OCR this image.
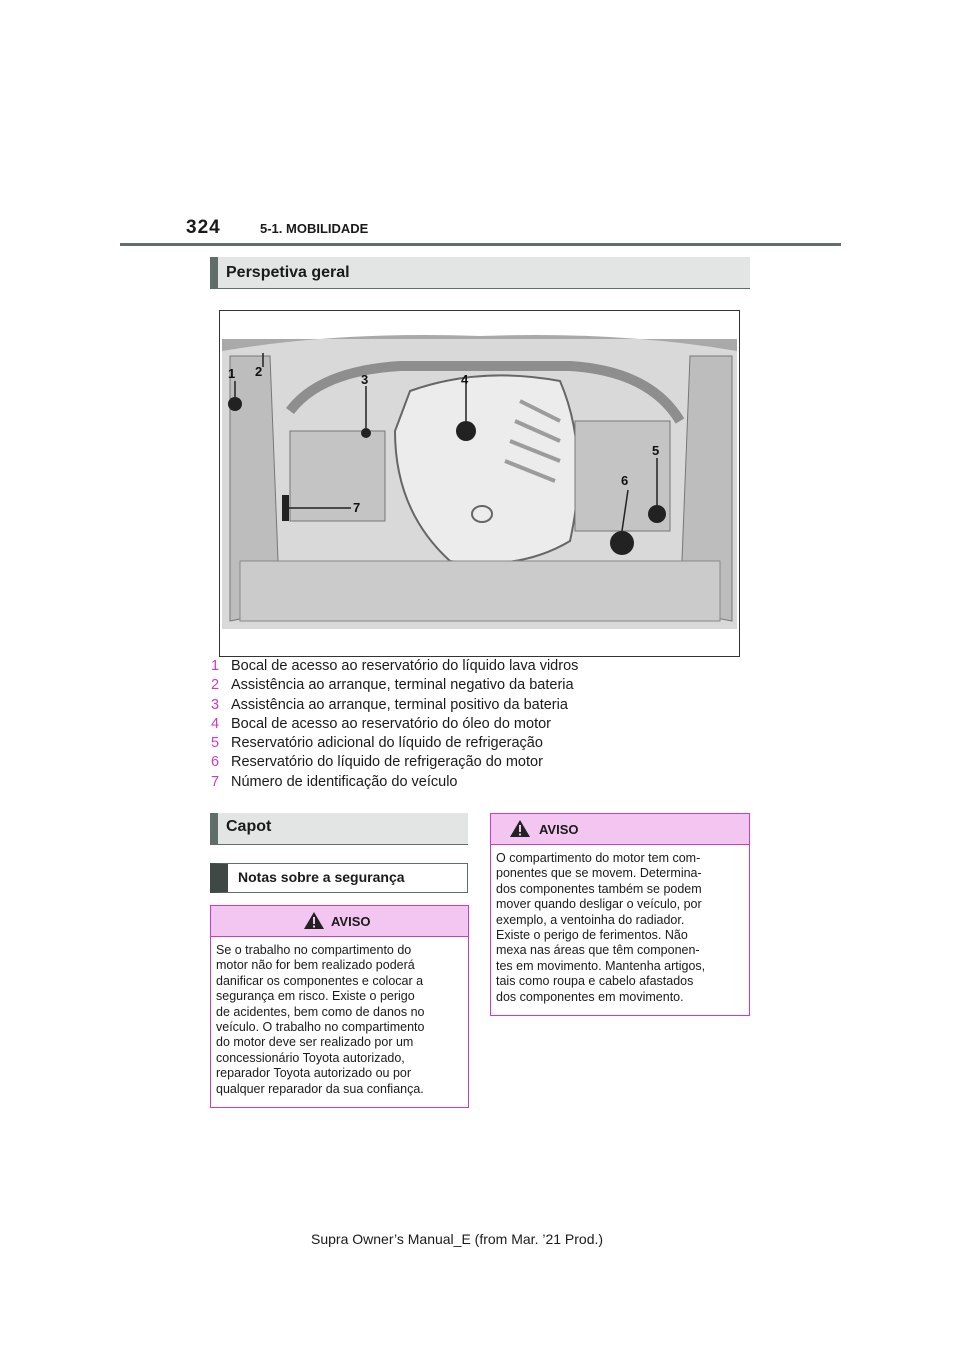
324	5-1. MOBILIDADE
Perspetiva geral
1 2
3	4
5
6
7
1 Bocal de acesso ao reservatório do líquido lava vidros
2 Assistência ao arranque, terminal negativo da bateria
3 Assistência ao arranque, terminal positivo da bateria
4 Bocal de acesso ao reservatório do óleo do motor
5 Reservatório adicional do líquido de refrigeração
6 Reservatório do líquido de refrigeração do motor
7 Número de identificação do veículo
Capot
Notas sobre a segurança
AVISO
Se o trabalho no compartimento do
motor não for bem realizado poderá
danificar os componentes e colocar a
segurança em risco. Existe o perigo
de acidentes, bem como de danos no
veículo. O trabalho no compartimento
do motor deve ser realizado por um
concessionário Toyota autorizado,
reparador Toyota autorizado ou por
qualquer reparador da sua confiança.
AVISO
O compartimento do motor tem com-
ponentes que se movem. Determina-
dos componentes também se podem
mover quando desligar o veículo, por
exemplo, a ventoinha do radiador.
Existe o perigo de ferimentos. Não
mexa nas áreas que têm componen-
tes em movimento. Mantenha artigos,
tais como roupa e cabelo afastados
dos componentes em movimento.
Supra Owner’s Manual_E (from Mar. ’21 Prod.)
